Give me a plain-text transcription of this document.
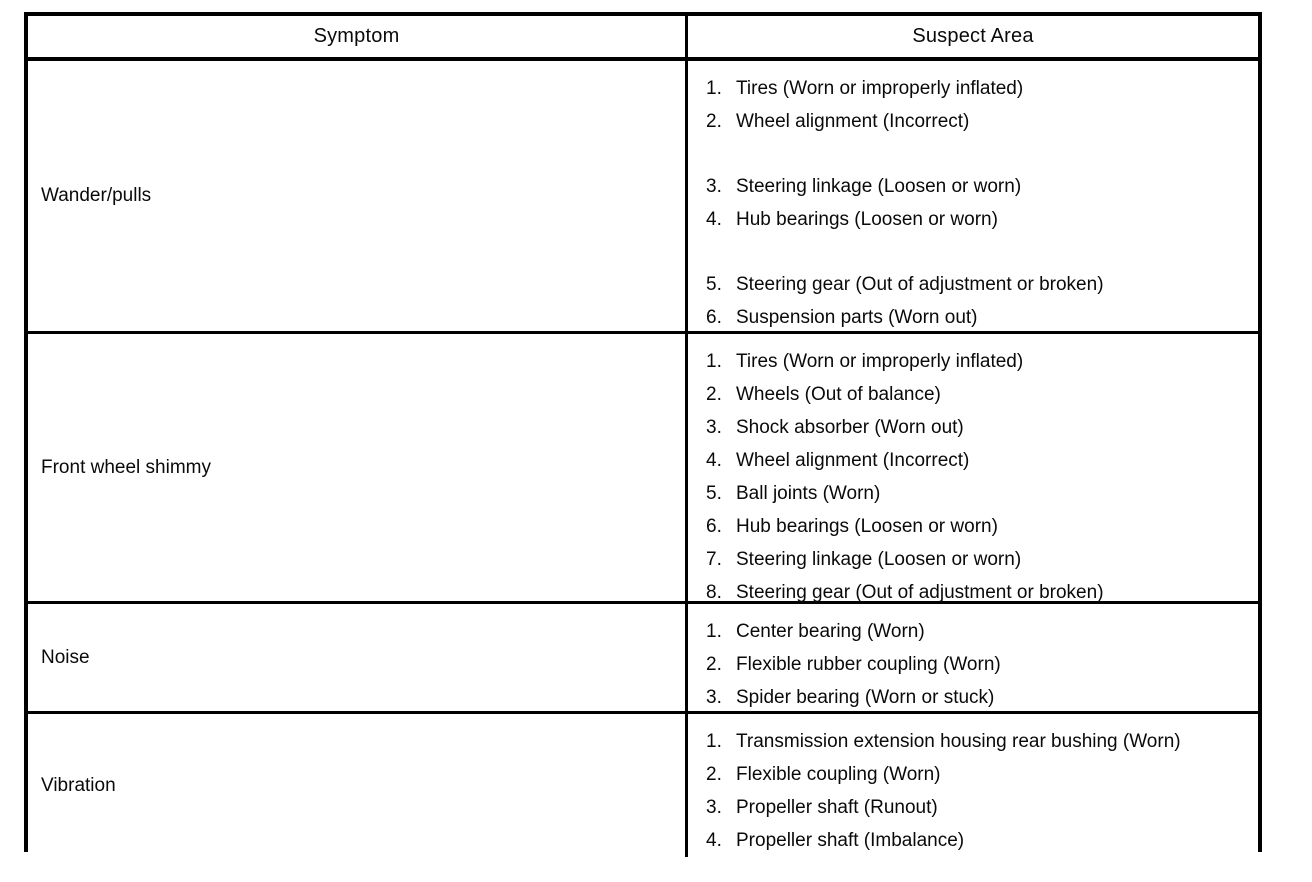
Symptom	Suspect Area
Wander/pulls
1. Tires (Worn or improperly inflated)
2. Wheel alignment (Incorrect)
3. Steering linkage (Loosen or worn)
4. Hub bearings (Loosen or worn)
5. Steering gear (Out of adjustment or broken)
6. Suspension parts (Worn out)
Front wheel shimmy
1. Tires (Worn or improperly inflated)
2. Wheels (Out of balance)
3. Shock absorber (Worn out)
4. Wheel alignment (Incorrect)
5. Ball joints (Worn)
6. Hub bearings (Loosen or worn)
7. Steering linkage (Loosen or worn)
8. Steering gear (Out of adjustment or broken)
Noise
1. Center bearing (Worn)
2. Flexible rubber coupling (Worn)
3. Spider bearing (Worn or stuck)
Vibration
1. Transmission extension housing rear bushing (Worn)
2. Flexible coupling (Worn)
3. Propeller shaft (Runout)
4. Propeller shaft (Imbalance)
